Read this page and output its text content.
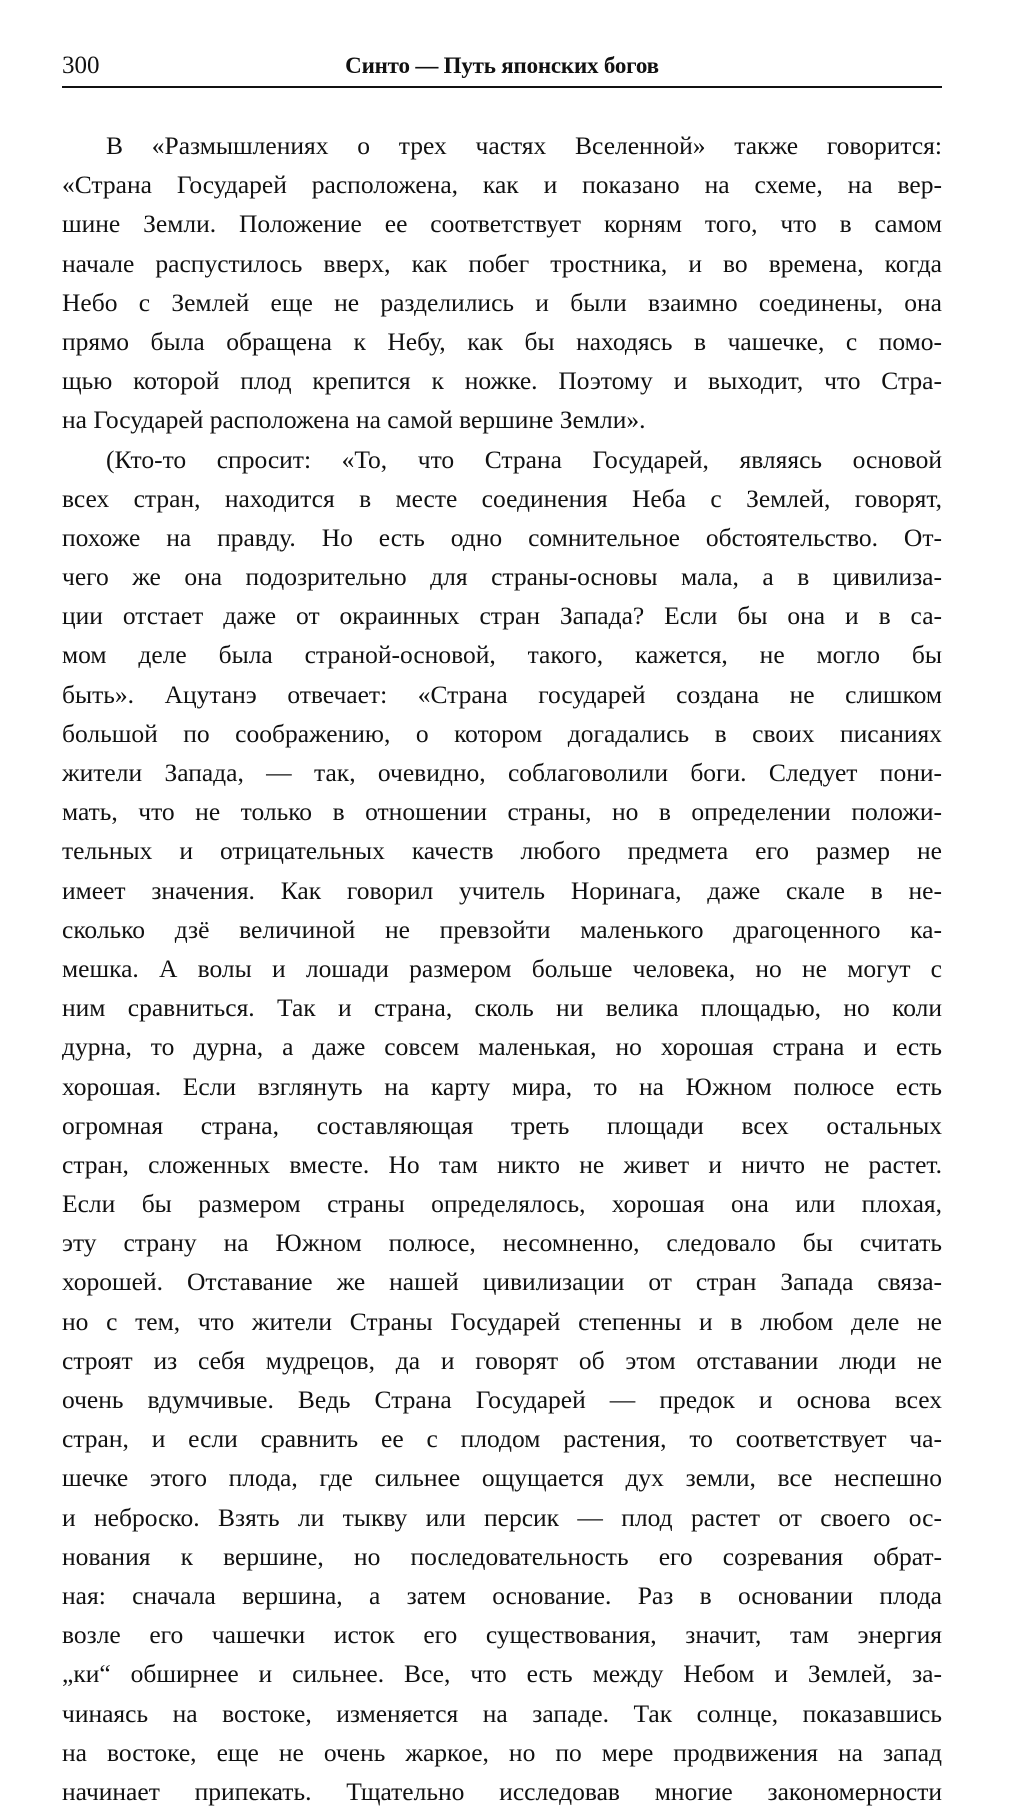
300	Синто — Путь японских богов
В «Размышлениях о трех частях Вселенной» также говорится:
«Страна Государей расположена, как и показано на схеме, на вер-
шине Земли. Положение ее соответствует корням того, что в самом
начале распустилось вверх, как побег тростника, и во времена, когда
Небо с Землей еще не разделились и были взаимно соединены, она
прямо была обращена к Небу, как бы находясь в чашечке, с помо-
щью которой плод крепится к ножке. Поэтому и выходит, что Стра-
на Государей расположена на самой вершине Земли».
(Кто-то спросит: «То, что Страна Государей, являясь основой
всех стран, находится в месте соединения Неба с Землей, говорят,
похоже на правду. Но есть одно сомнительное обстоятельство. От-
чего же она подозрительно для страны-основы мала, а в цивилиза-
ции отстает даже от окраинных стран Запада? Если бы она и в са-
мом деле была страной-основой, такого, кажется, не могло бы
быть». Ацутанэ отвечает: «Страна государей создана не слишком
большой по соображению, о котором догадались в своих писаниях
жители Запада, — так, очевидно, соблаговолили боги. Следует пони-
мать, что не только в отношении страны, но в определении положи-
тельных и отрицательных качеств любого предмета его размер не
имеет значения. Как говорил учитель Норинага, даже скале в не-
сколько дзё величиной не превзойти маленького драгоценного ка-
мешка. А волы и лошади размером больше человека, но не могут с
ним сравниться. Так и страна, сколь ни велика площадью, но коли
дурна, то дурна, а даже совсем маленькая, но хорошая страна и есть
хорошая. Если взглянуть на карту мира, то на Южном полюсе есть
огромная страна, составляющая треть площади всех остальных
стран, сложенных вместе. Но там никто не живет и ничто не растет.
Если бы размером страны определялось, хорошая она или плохая,
эту страну на Южном полюсе, несомненно, следовало бы считать
хорошей. Отставание же нашей цивилизации от стран Запада связа-
но с тем, что жители Страны Государей степенны и в любом деле не
строят из себя мудрецов, да и говорят об этом отставании люди не
очень вдумчивые. Ведь Страна Государей — предок и основа всех
стран, и если сравнить ее с плодом растения, то соответствует ча-
шечке этого плода, где сильнее ощущается дух земли, все неспешно
и неброско. Взять ли тыкву или персик — плод растет от своего ос-
нования к вершине, но последовательность его созревания обрат-
ная: сначала вершина, а затем основание. Раз в основании плода
возле его чашечки исток его существования, значит, там энергия
„ки“ обширнее и сильнее. Все, что есть между Небом и Землей, за-
чинаясь на востоке, изменяется на западе. Так солнце, показавшись
на востоке, еще не очень жаркое, но по мере продвижения на запад
начинает припекать. Тщательно исследовав многие закономерности
